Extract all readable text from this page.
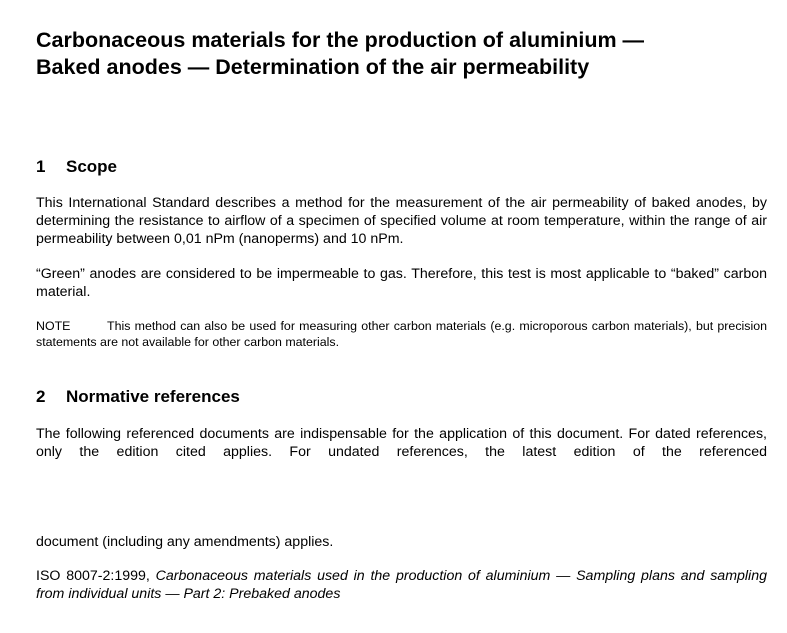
Carbonaceous materials for the production of aluminium —
Baked anodes — Determination of the air permeability
1 Scope

This International Standard describes a method for the measurement of the air permeability of baked anodes, by determining the resistance to airflow of a specimen of specified volume at room temperature, within the range of air permeability between 0,01 nPm (nanoperms) and 10 nPm.

“Green” anodes are considered to be impermeable to gas. Therefore, this test is most applicable to “baked” carbon material.

NOTE	This method can also be used for measuring other carbon materials (e.g. microporous carbon materials), but precision statements are not available for other carbon materials.

2 Normative references

The following referenced documents are indispensable for the application of this document. For dated references, only the edition cited applies. For undated references, the latest edition of the referenced

document (including any amendments) applies.

ISO 8007-2:1999, Carbonaceous materials used in the production of aluminium — Sampling plans and sampling from individual units — Part 2: Prebaked anodes
